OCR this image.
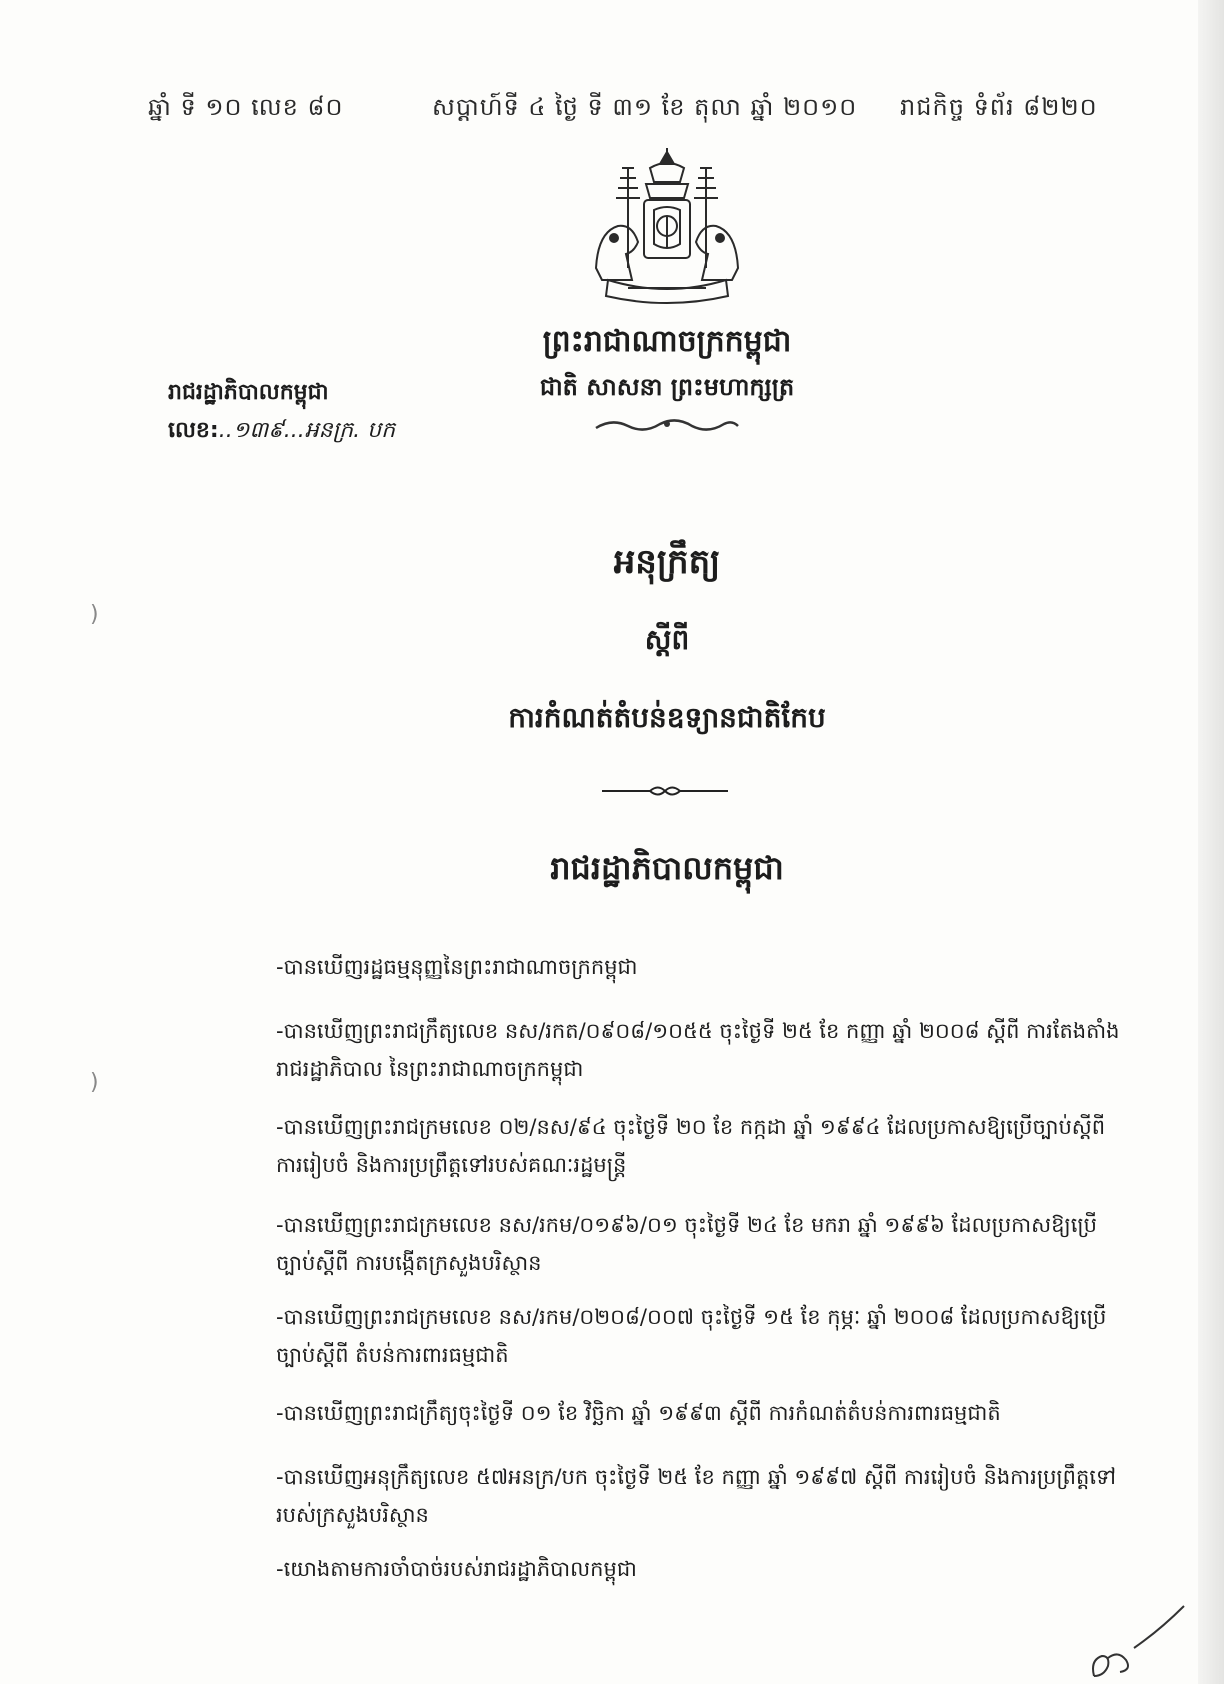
ឆ្នាំ ទី ១០ លេខ ៨០	សប្តាហ៍ទី ៤ ថ្ងៃ ទី ៣១ ខែ តុលា ឆ្នាំ ២០១០ រាជកិច្ច ទំព័រ ៨២២០
ព្រះរាជាណាចក្រកម្ពុជា
ជាតិ សាសនា ព្រះមហាក្សត្រ
រាជរដ្ឋាភិបាលកម្ពុជា
លេខ:..១៣៩...អនក្រ. បក
អនុក្រឹត្យ
ស្តីពី
ការកំណត់តំបន់ឧទ្យានជាតិកែប
រាជរដ្ឋាភិបាលកម្ពុជា
-បានឃើញរដ្ឋធម្មនុញ្ញនៃព្រះរាជាណាចក្រកម្ពុជា
-បានឃើញព្រះរាជក្រឹត្យលេខ នស/រកត/០៩០៨/១០៥៥ ចុះថ្ងៃទី ២៥ ខែ កញ្ញា ឆ្នាំ ២០០៨ ស្តីពី ការតែងតាំងរាជរដ្ឋាភិបាល នៃព្រះរាជាណាចក្រកម្ពុជា
-បានឃើញព្រះរាជក្រមលេខ ០២/នស/៩៤ ចុះថ្ងៃទី ២០ ខែ កក្កដា ឆ្នាំ ១៩៩៤ ដែលប្រកាសឱ្យប្រើច្បាប់ស្តីពី ការរៀបចំ និងការប្រព្រឹត្តទៅរបស់គណៈរដ្ឋមន្ត្រី
-បានឃើញព្រះរាជក្រមលេខ នស/រកម/០១៩៦/០១ ចុះថ្ងៃទី ២៤ ខែ មករា ឆ្នាំ ១៩៩៦ ដែលប្រកាសឱ្យប្រើច្បាប់ស្តីពី ការបង្កើតក្រសួងបរិស្ថាន
-បានឃើញព្រះរាជក្រមលេខ នស/រកម/០២០៨/០០៧ ចុះថ្ងៃទី ១៥ ខែ កុម្ភៈ ឆ្នាំ ២០០៨ ដែលប្រកាសឱ្យប្រើច្បាប់ស្តីពី តំបន់ការពារធម្មជាតិ
-បានឃើញព្រះរាជក្រឹត្យចុះថ្ងៃទី ០១ ខែ វិច្ឆិកា ឆ្នាំ ១៩៩៣ ស្តីពី ការកំណត់តំបន់ការពារធម្មជាតិ
-បានឃើញអនុក្រឹត្យលេខ ៥៧អនក្រ/បក ចុះថ្ងៃទី ២៥ ខែ កញ្ញា ឆ្នាំ ១៩៩៧ ស្តីពី ការរៀបចំ និងការប្រព្រឹត្តទៅរបស់ក្រសួងបរិស្ថាន
-យោងតាមការចាំបាច់របស់រាជរដ្ឋាភិបាលកម្ពុជា
)
)
